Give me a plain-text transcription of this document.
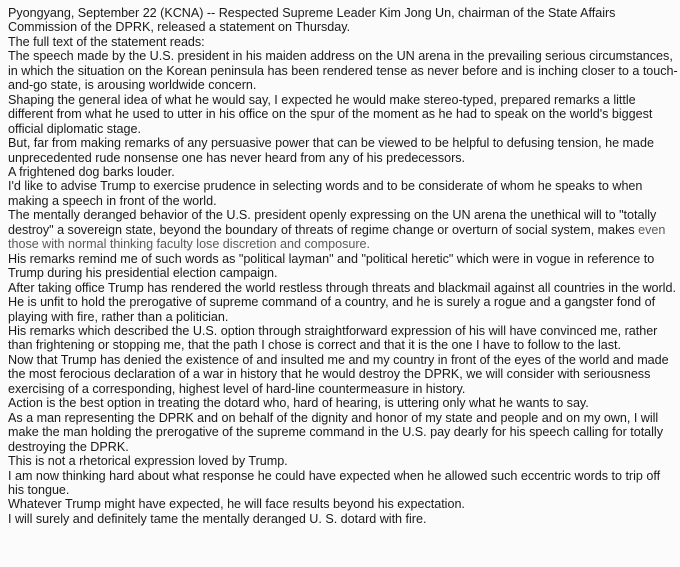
Pyongyang, September 22 (KCNA) -- Respected Supreme Leader Kim Jong Un, chairman of the State Affairs Commission of the DPRK, released a statement on Thursday.

The full text of the statement reads:

The speech made by the U.S. president in his maiden address on the UN arena in the prevailing serious circumstances, in which the situation on the Korean peninsula has been rendered tense as never before and is inching closer to a touch-and-go state, is arousing worldwide concern.

Shaping the general idea of what he would say, I expected he would make stereo-typed, prepared remarks a little different from what he used to utter in his office on the spur of the moment as he had to speak on the world's biggest official diplomatic stage.

But, far from making remarks of any persuasive power that can be viewed to be helpful to defusing tension, he made unprecedented rude nonsense one has never heard from any of his predecessors.

A frightened dog barks louder.

I'd like to advise Trump to exercise prudence in selecting words and to be considerate of whom he speaks to when making a speech in front of the world.

The mentally deranged behavior of the U.S. president openly expressing on the UN arena the unethical will to "totally destroy" a sovereign state, beyond the boundary of threats of regime change or overturn of social system, makes even those with normal thinking faculty lose discretion and composure.

His remarks remind me of such words as "political layman" and "political heretic" which were in vogue in reference to Trump during his presidential election campaign.

After taking office Trump has rendered the world restless through threats and blackmail against all countries in the world. He is unfit to hold the prerogative of supreme command of a country, and he is surely a rogue and a gangster fond of playing with fire, rather than a politician.

His remarks which described the U.S. option through straightforward expression of his will have convinced me, rather than frightening or stopping me, that the path I chose is correct and that it is the one I have to follow to the last.

Now that Trump has denied the existence of and insulted me and my country in front of the eyes of the world and made the most ferocious declaration of a war in history that he would destroy the DPRK, we will consider with seriousness exercising of a corresponding, highest level of hard-line countermeasure in history.

Action is the best option in treating the dotard who, hard of hearing, is uttering only what he wants to say.

As a man representing the DPRK and on behalf of the dignity and honor of my state and people and on my own, I will make the man holding the prerogative of the supreme command in the U.S. pay dearly for his speech calling for totally destroying the DPRK.

This is not a rhetorical expression loved by Trump.

I am now thinking hard about what response he could have expected when he allowed such eccentric words to trip off his tongue.

Whatever Trump might have expected, he will face results beyond his expectation.

I will surely and definitely tame the mentally deranged U. S. dotard with fire.
